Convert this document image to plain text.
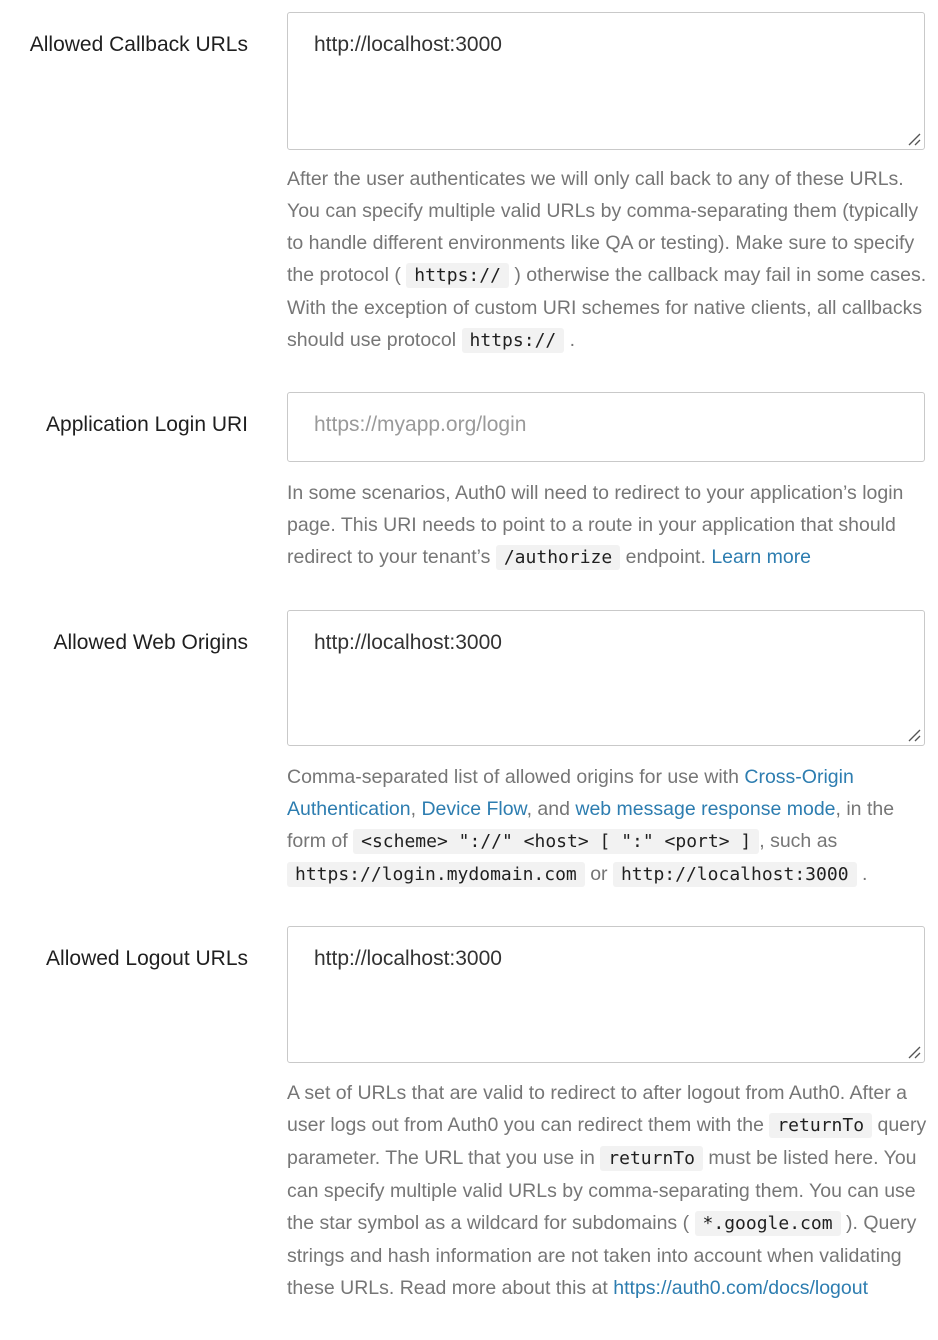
Allowed Callback URLs	http://localhost:3000
After the user authenticates we will only call back to any of these URLs. You can specify multiple valid URLs by comma-separating them (typically to handle different environments like QA or testing). Make sure to specify the protocol ( https:// ) otherwise the callback may fail in some cases. With the exception of custom URI schemes for native clients, all callbacks should use protocol https:// .
Application Login URI	https://myapp.org/login
In some scenarios, Auth0 will need to redirect to your application’s login page. This URI needs to point to a route in your application that should redirect to your tenant’s /authorize endpoint. Learn more
Allowed Web Origins	http://localhost:3000
Comma-separated list of allowed origins for use with Cross-Origin Authentication, Device Flow, and web message response mode, in the form of <scheme> "://" <host> [ ":" <port> ] , such as https://login.mydomain.com or http://localhost:3000 .
Allowed Logout URLs	http://localhost:3000
A set of URLs that are valid to redirect to after logout from Auth0. After a user logs out from Auth0 you can redirect them with the returnTo query parameter. The URL that you use in returnTo must be listed here. You can specify multiple valid URLs by comma-separating them. You can use the star symbol as a wildcard for subdomains ( *.google.com ). Query strings and hash information are not taken into account when validating these URLs. Read more about this at https://auth0.com/docs/logout
